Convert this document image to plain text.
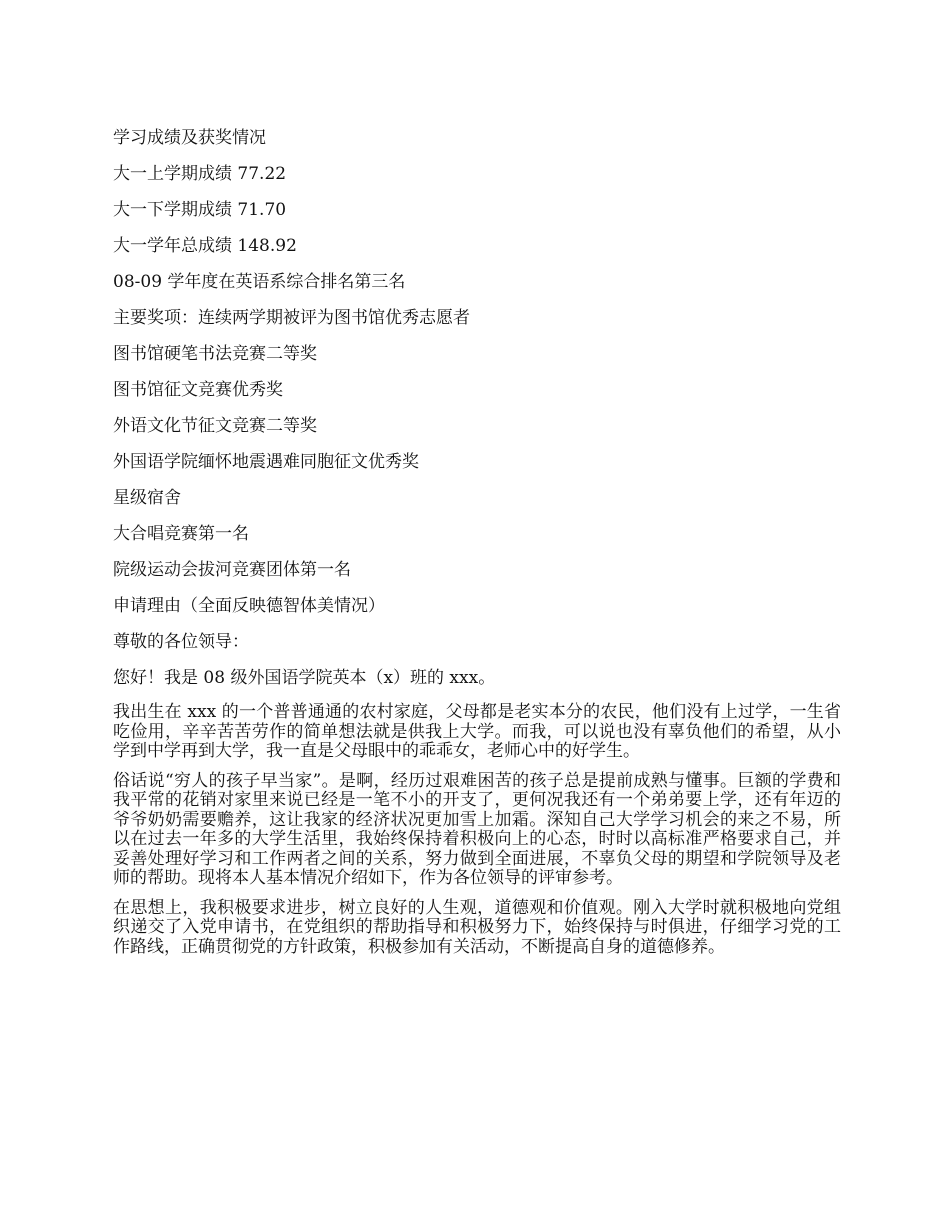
学习成绩及获奖情况
大一上学期成绩 77.22
大一下学期成绩 71.70
大一学年总成绩 148.92
08-09 学年度在英语系综合排名第三名
主要奖项：连续两学期被评为图书馆优秀志愿者
图书馆硬笔书法竞赛二等奖
图书馆征文竞赛优秀奖
外语文化节征文竞赛二等奖
外国语学院缅怀地震遇难同胞征文优秀奖
星级宿舍
大合唱竞赛第一名
院级运动会拔河竞赛团体第一名
申请理由（全面反映德智体美情况）
尊敬的各位领导：
您好！我是 08 级外国语学院英本（x）班的 xxx。

我出生在 xxx 的一个普普通通的农村家庭，父母都是老实本分的农民，他们没有上过学，一生省吃俭用，辛辛苦苦劳作的简单想法就是供我上大学。而我，可以说也没有辜负他们的希望，从小学到中学再到大学，我一直是父母眼中的乖乖女，老师心中的好学生。

俗话说“穷人的孩子早当家”。是啊，经历过艰难困苦的孩子总是提前成熟与懂事。巨额的学费和我平常的花销对家里来说已经是一笔不小的开支了，更何况我还有一个弟弟要上学，还有年迈的爷爷奶奶需要赡养，这让我家的经济状况更加雪上加霜。深知自己大学学习机会的来之不易，所以在过去一年多的大学生活里，我始终保持着积极向上的心态，时时以高标准严格要求自己，并妥善处理好学习和工作两者之间的关系，努力做到全面进展，不辜负父母的期望和学院领导及老师的帮助。现将本人基本情况介绍如下，作为各位领导的评审参考。

在思想上，我积极要求进步，树立良好的人生观，道德观和价值观。刚入大学时就积极地向党组织递交了入党申请书，在党组织的帮助指导和积极努力下，始终保持与时俱进，仔细学习党的工作路线，正确贯彻党的方针政策，积极参加有关活动，不断提高自身的道德修养。
